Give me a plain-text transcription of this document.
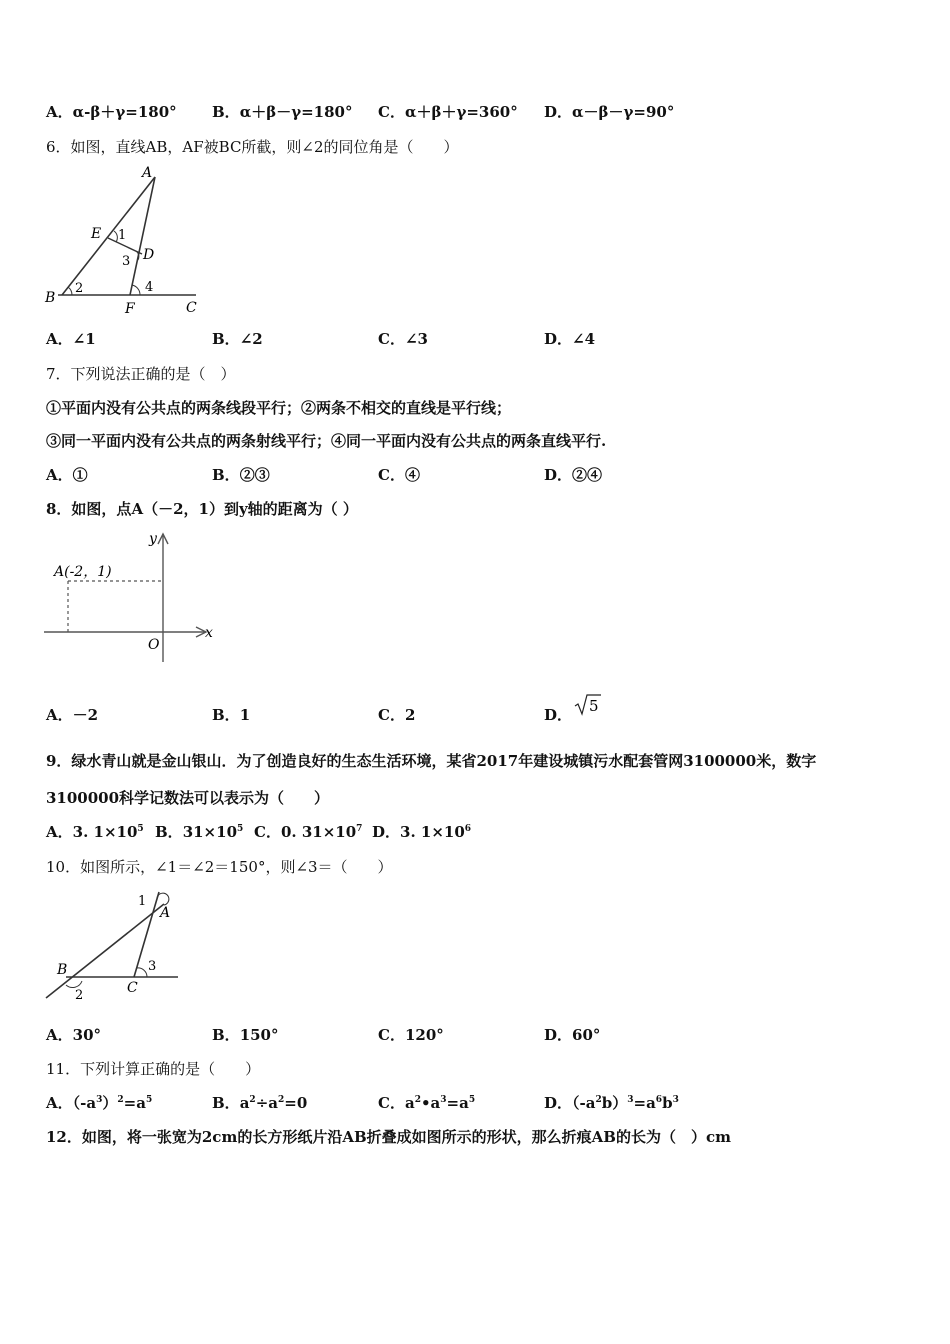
A．α-β＋γ=180° B．α＋β－γ=180° C．α＋β＋γ=360° D．α－β－γ=90°
6．如图，直线AB，AF被BC所截，则∠2的同位角是（　　）
A
E 1
D
3
B
2	4
F	C
A．∠1	B．∠2	C．∠3	D．∠4
7．下列说法正确的是（　）
①平面内没有公共点的两条线段平行；②两条不相交的直线是平行线；
③同一平面内没有公共点的两条射线平行；④同一平面内没有公共点的两条直线平行.
A．①	B．②③	C．④	D．②④
8．如图，点A（－2，1）到y轴的距离为（ ）
A(-2，1)
y
x
O
A．－2	B．1	C．2	D． 5
9．绿水青山就是金山银山．为了创造良好的生态生活环境，某省2017年建设城镇污水配套管网3100000米，数字
3100000科学记数法可以表示为（　　）
A．3. $1\times 10^5$ B．$31\times 10^5$ C．0. $31\times 10^7$ D．3. $1\times 10^6$
10．如图所示，∠1＝∠2＝150°，则∠3＝（　　）
1
A
B
2
3
C
A．30°	B．150°	C．120°	D．60°
11．下列计算正确的是（　　）
A．$(-a^3)^2=a^5$	B．$a^2\div a^2=0$	C．$a^2•a^3=a^5$	D．$(-a^2b)^3=a^6b^3$
12．如图，将一张宽为2cm的长方形纸片沿AB折叠成如图所示的形状，那么折痕AB的长为（　）cm
